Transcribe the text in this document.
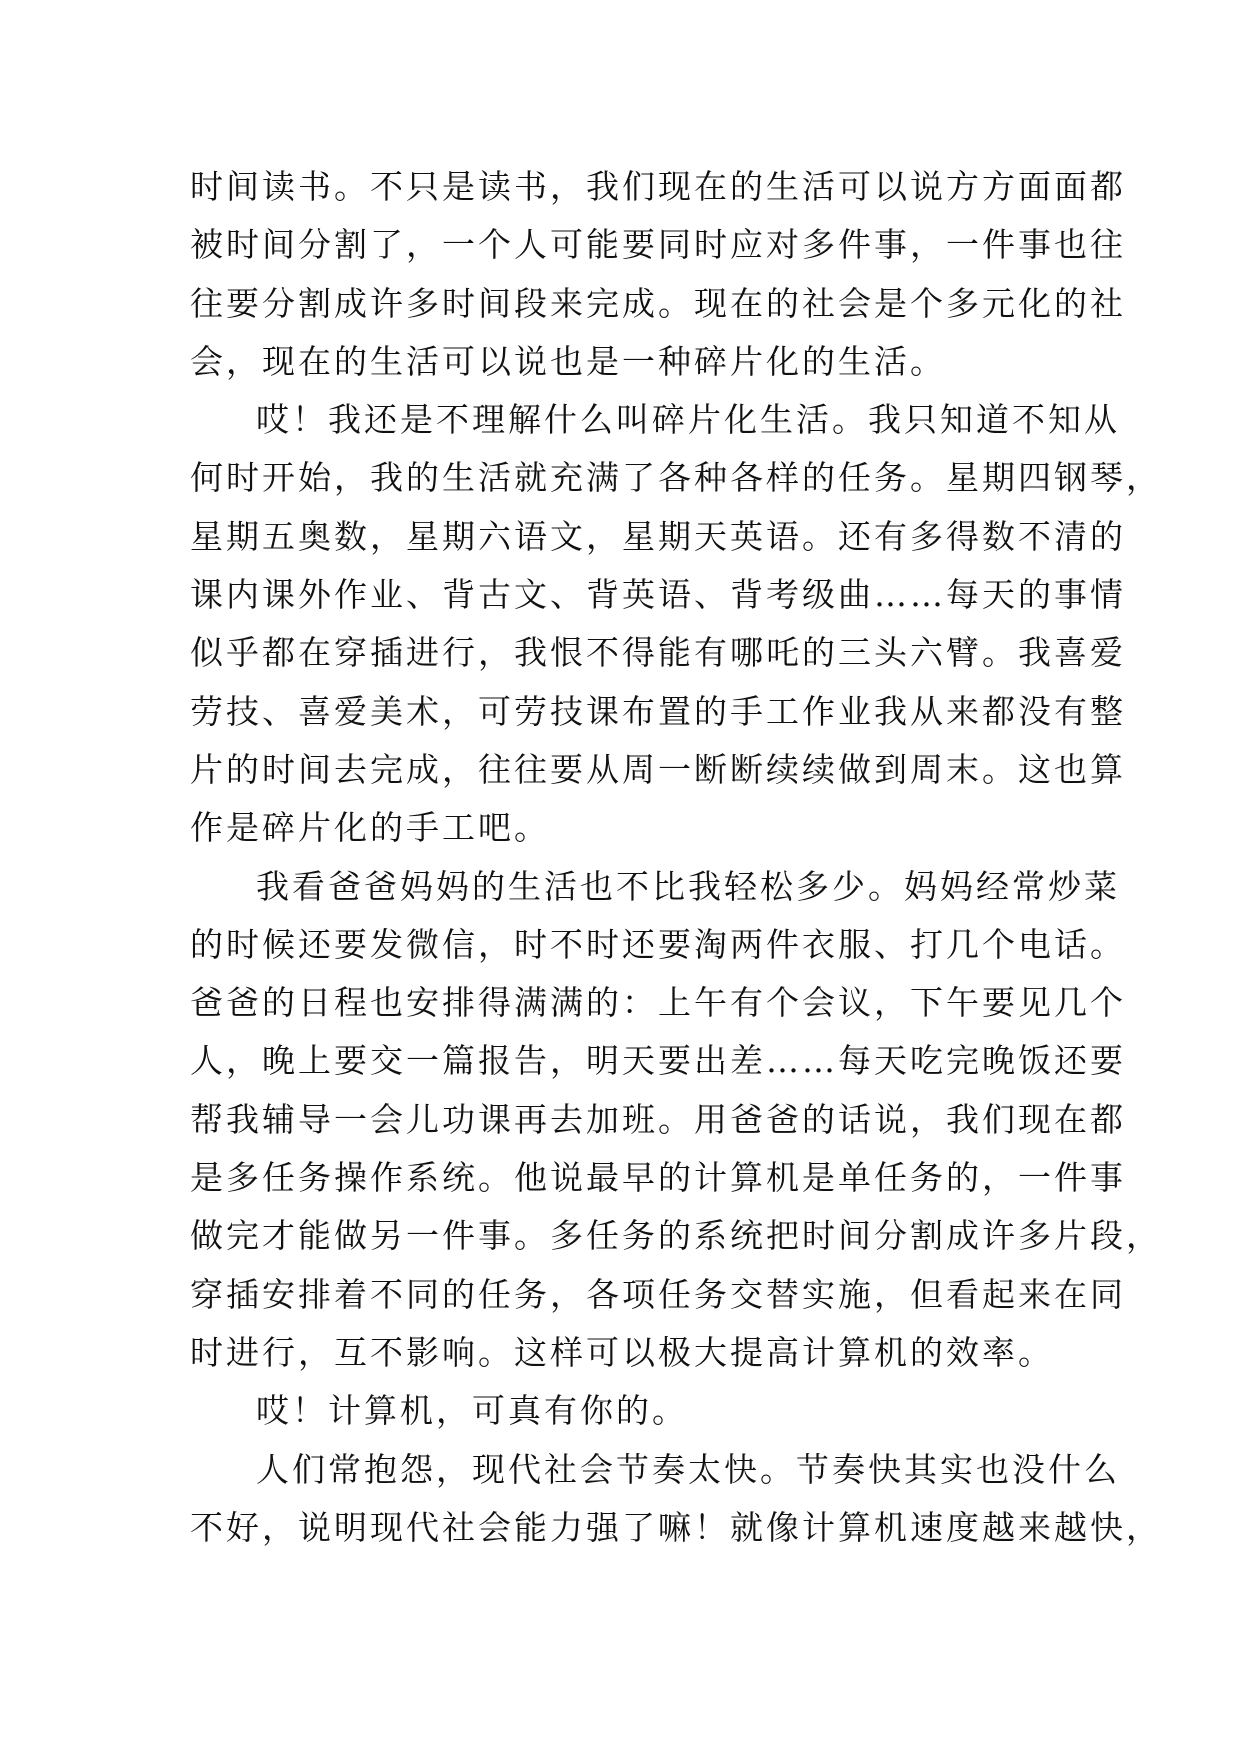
时间读书。不只是读书，我们现在的生活可以说方方面面都
被时间分割了，一个人可能要同时应对多件事，一件事也往
往要分割成许多时间段来完成。现在的社会是个多元化的社
会，现在的生活可以说也是一种碎片化的生活。
哎！我还是不理解什么叫碎片化生活。我只知道不知从
何时开始，我的生活就充满了各种各样的任务。星期四钢琴，
星期五奥数，星期六语文，星期天英语。还有多得数不清的
课内课外作业、背古文、背英语、背考级曲……每天的事情
似乎都在穿插进行，我恨不得能有哪吒的三头六臂。我喜爱
劳技、喜爱美术，可劳技课布置的手工作业我从来都没有整
片的时间去完成，往往要从周一断断续续做到周末。这也算
作是碎片化的手工吧。
我看爸爸妈妈的生活也不比我轻松多少。妈妈经常炒菜
的时候还要发微信，时不时还要淘两件衣服、打几个电话。
爸爸的日程也安排得满满的：上午有个会议，下午要见几个
人，晚上要交一篇报告，明天要出差……每天吃完晚饭还要
帮我辅导一会儿功课再去加班。用爸爸的话说，我们现在都
是多任务操作系统。他说最早的计算机是单任务的，一件事
做完才能做另一件事。多任务的系统把时间分割成许多片段，
穿插安排着不同的任务，各项任务交替实施，但看起来在同
时进行，互不影响。这样可以极大提高计算机的效率。
哎！计算机，可真有你的。
人们常抱怨，现代社会节奏太快。节奏快其实也没什么
不好，说明现代社会能力强了嘛！就像计算机速度越来越快，
